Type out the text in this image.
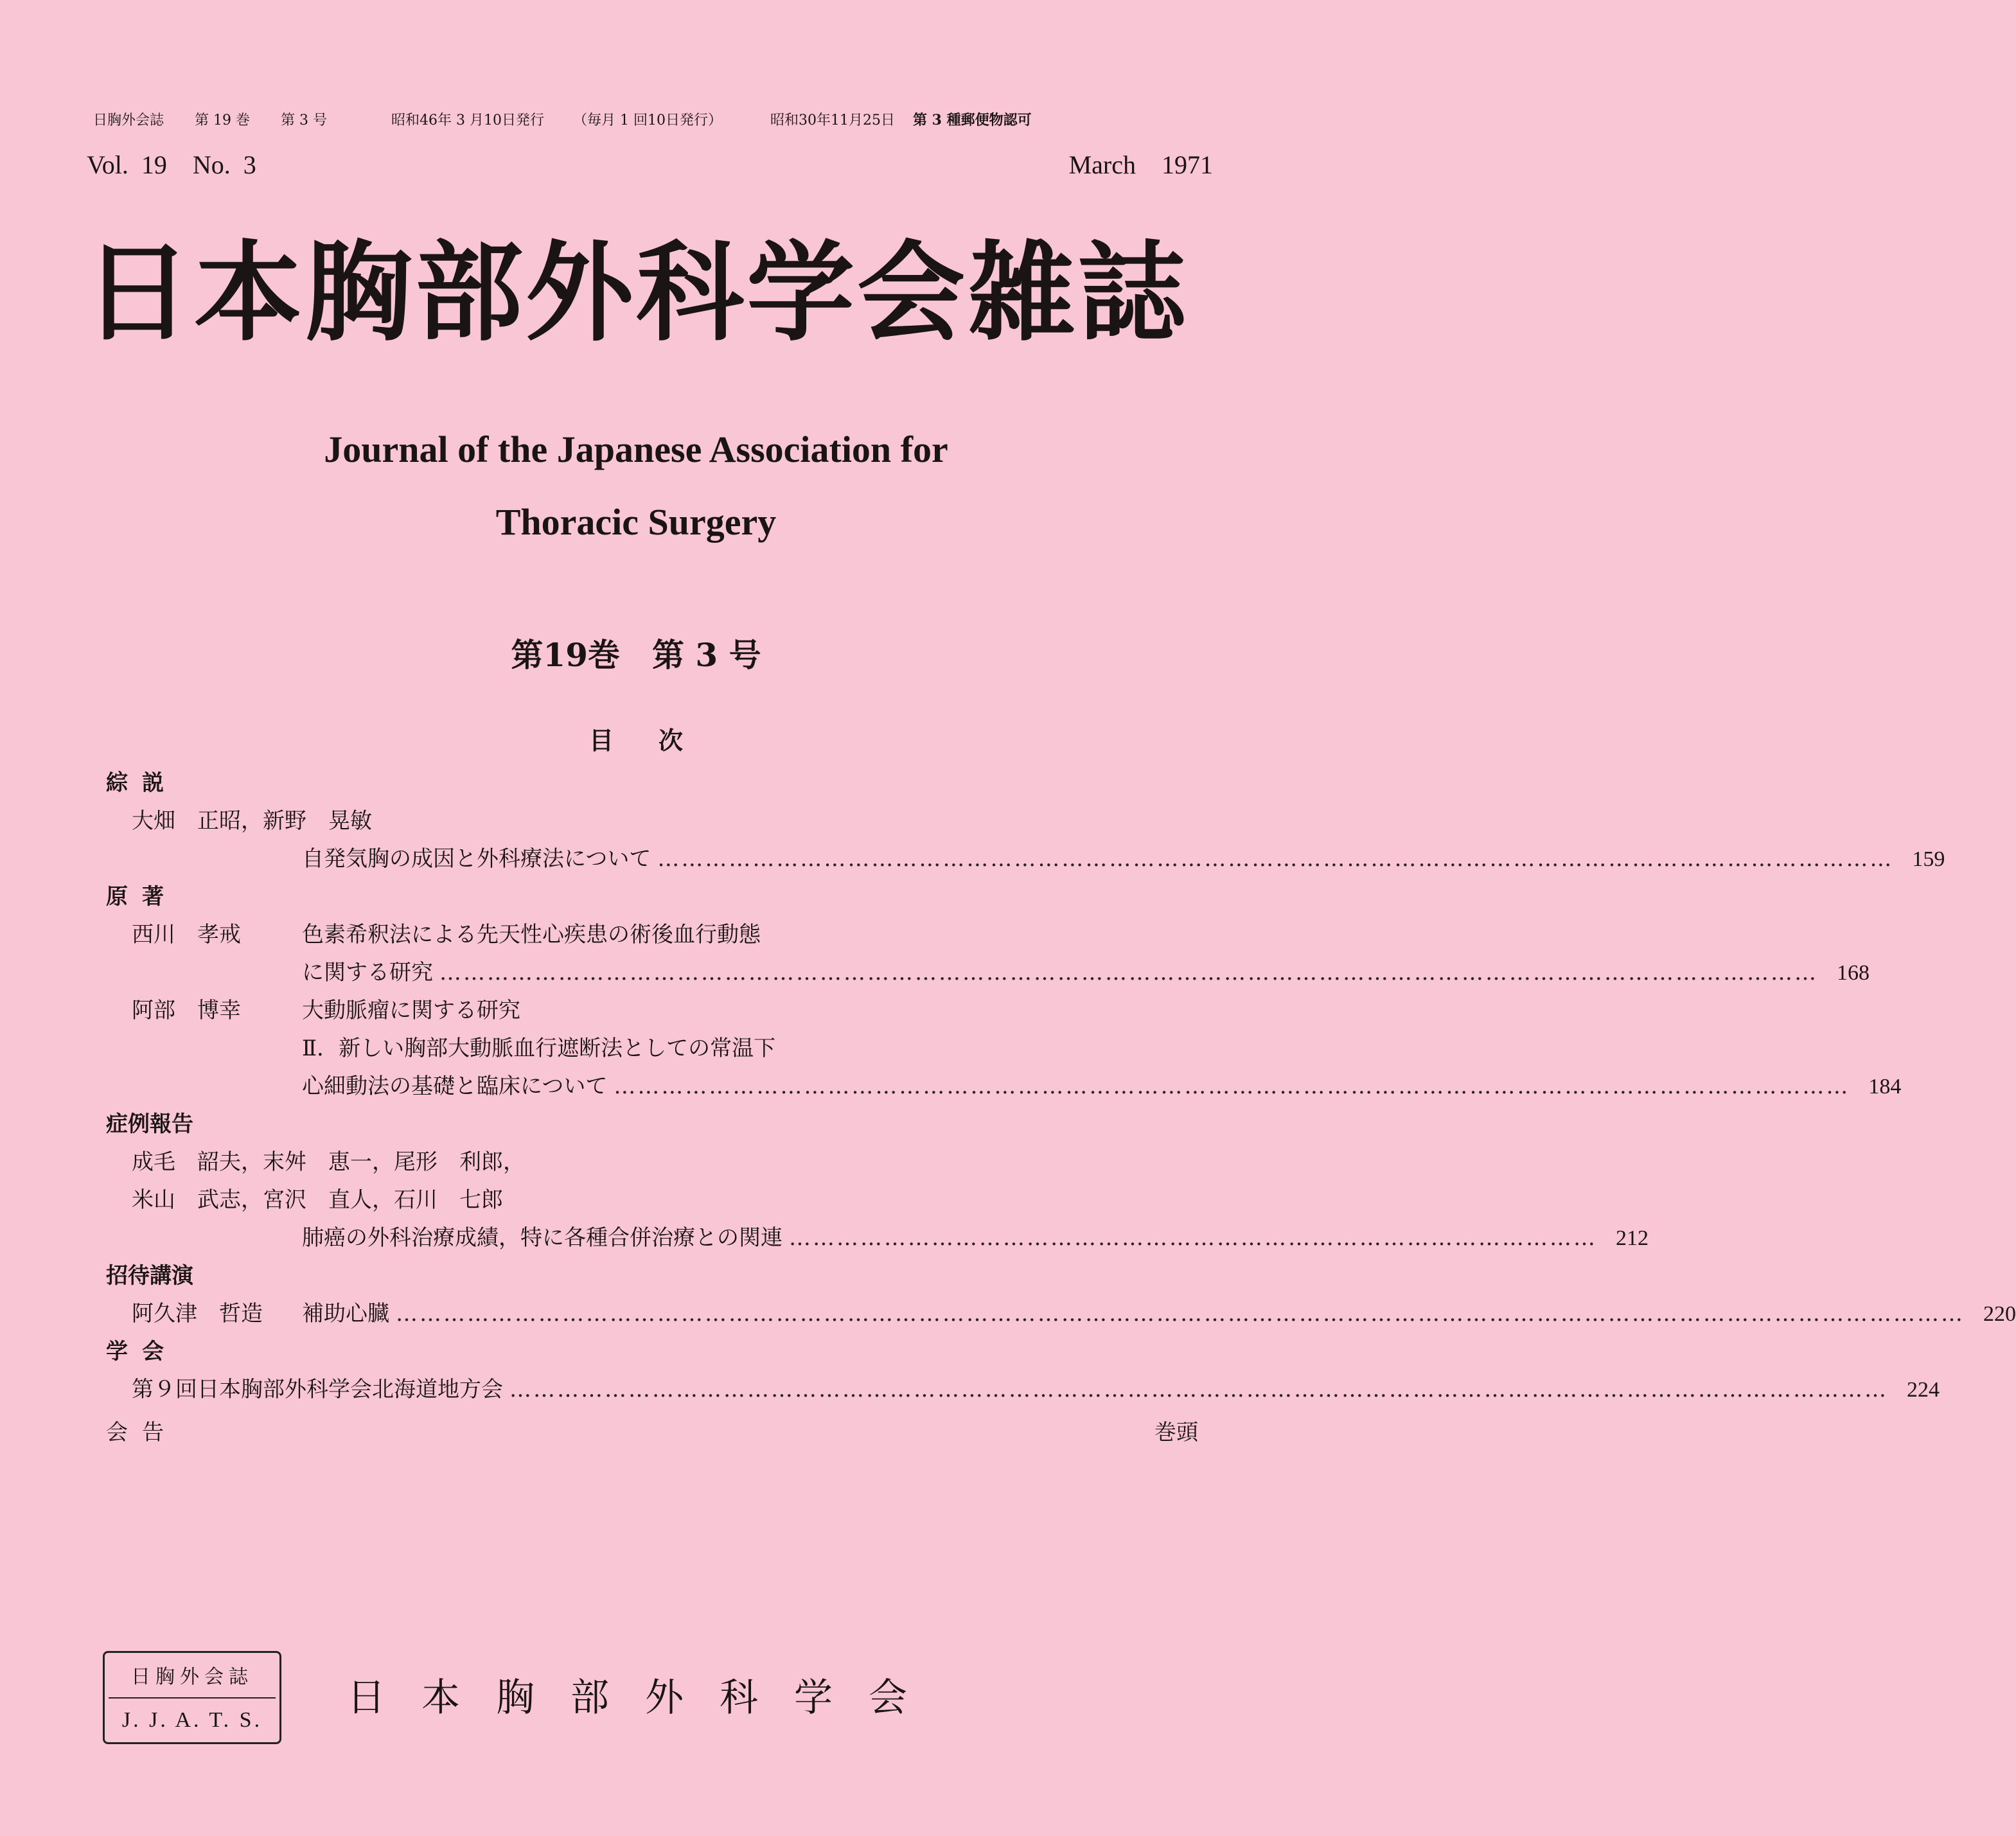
日胸外会誌 第 19 巻 第 3 号	昭和46年 3 月10日発行 （毎月 1 回10日発行）	昭和30年11月25日 第 3 種郵便物認可
Vol.  19    No.  3	March    1971
日本胸部外科学会雑誌
Journal of the Japanese Association for
Thoracic Surgery
第19巻　第 3 号
目次
綜説
大畑　正昭，新野　晃敏
自発気胸の成因と外科療法について ………………………………………………………………………………………………………………………………………… 159
原著
西川　孝戒	色素希釈法による先天性心疾患の術後血行動態
に関する研究 ………………………………………………………………………………………………………………………………………………………… 168
阿部　博幸	大動脈瘤に関する研究
Ⅱ．新しい胸部大動脈血行遮断法としての常温下
心細動法の基礎と臨床について ………………………………………………………………………………………………………………………………………… 184
症例報告
成毛　韶夫，末舛　恵一，尾形　利郎，
米山　武志，宮沢　直人，石川　七郎
肺癌の外科治療成績，特に各種合併治療との関連 ………………………………………………………………………………………… 212
招待講演
阿久津　哲造 補助心臓 ……………………………………………………………………………………………………………………………………………………………………………… 220
学会
第９回日本胸部外科学会北海道地方会 ………………………………………………………………………………………………………………………………………………………… 224
会告	巻頭
日胸外会誌
J. J. A. T. S.	日本胸部外科学会
